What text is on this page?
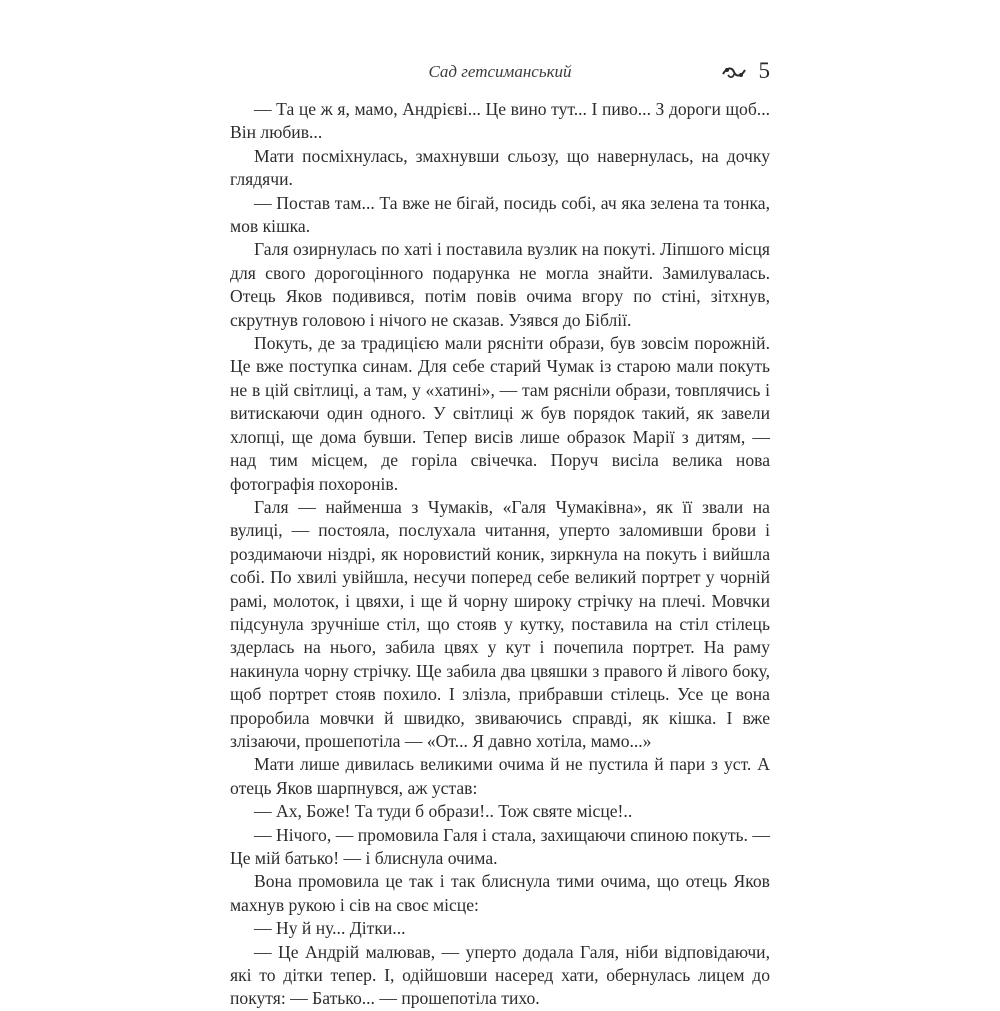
Сад гетсиманський	5

— Та це ж я, мамо, Андрієві... Це вино тут... І пиво... З дороги щоб... Він любив...

Мати посміхнулась, змахнувши сльозу, що навернулась, на дочку глядячи.

— Постав там... Та вже не бігай, посидь собі, ач яка зелена та тонка, мов кішка.

Галя озирнулась по хаті і поставила вузлик на покуті. Ліпшого місця для свого дорогоцінного подарунка не могла знайти. Замилувалась. Отець Яков подивився, потім повів очима вгору по стіні, зітхнув, скрутнув головою і нічого не сказав. Узявся до Біблії.

Покуть, де за традицією мали рясніти образи, був зовсім порожній. Це вже поступка синам. Для себе старий Чумак із старою мали покуть не в цій світлиці, а там, у «хатині», — там рясніли образи, товплячись і витискаючи один одного. У світлиці ж був порядок такий, як завели хлопці, ще дома бувши. Тепер висів лише образок Марії з дитям, — над тим місцем, де горіла свічечка. Поруч висіла велика нова фотографія похоронів.

Галя — найменша з Чумаків, «Галя Чумаківна», як її звали на вулиці, — постояла, послухала читання, уперто заломивши брови і роздимаючи ніздрі, як норовистий коник, зиркнула на покуть і вийшла собі. По хвилі увійшла, несучи поперед себе великий портрет у чорній рамі, молоток, і цвяхи, і ще й чорну широку стрічку на плечі. Мовчки підсунула зручніше стіл, що стояв у кутку, поставила на стіл стілець здерлась на нього, забила цвях у кут і почепила портрет. На раму накинула чорну стрічку. Ще забила два цвяшки з правого й лівого боку, щоб портрет стояв похило. І злізла, прибравши стілець. Усе це вона проробила мовчки й швидко, звиваючись справді, як кішка. І вже злізаючи, прошепотіла — «От... Я давно хотіла, мамо...»

Мати лише дивилась великими очима й не пустила й пари з уст. А отець Яков шарпнувся, аж устав:

— Ах, Боже! Та туди б образи!.. Тож святе місце!..

— Нічого, — промовила Галя і стала, захищаючи спиною покуть. — Це мій батько! — і блиснула очима.

Вона промовила це так і так блиснула тими очима, що отець Яков махнув рукою і сів на своє місце:

— Ну й ну... Дітки...

— Це Андрій малював, — уперто додала Галя, ніби відповідаючи, які то дітки тепер. І, одійшовши насеред хати, обернулась лицем до покутя: — Батько... — прошепотіла тихо.
